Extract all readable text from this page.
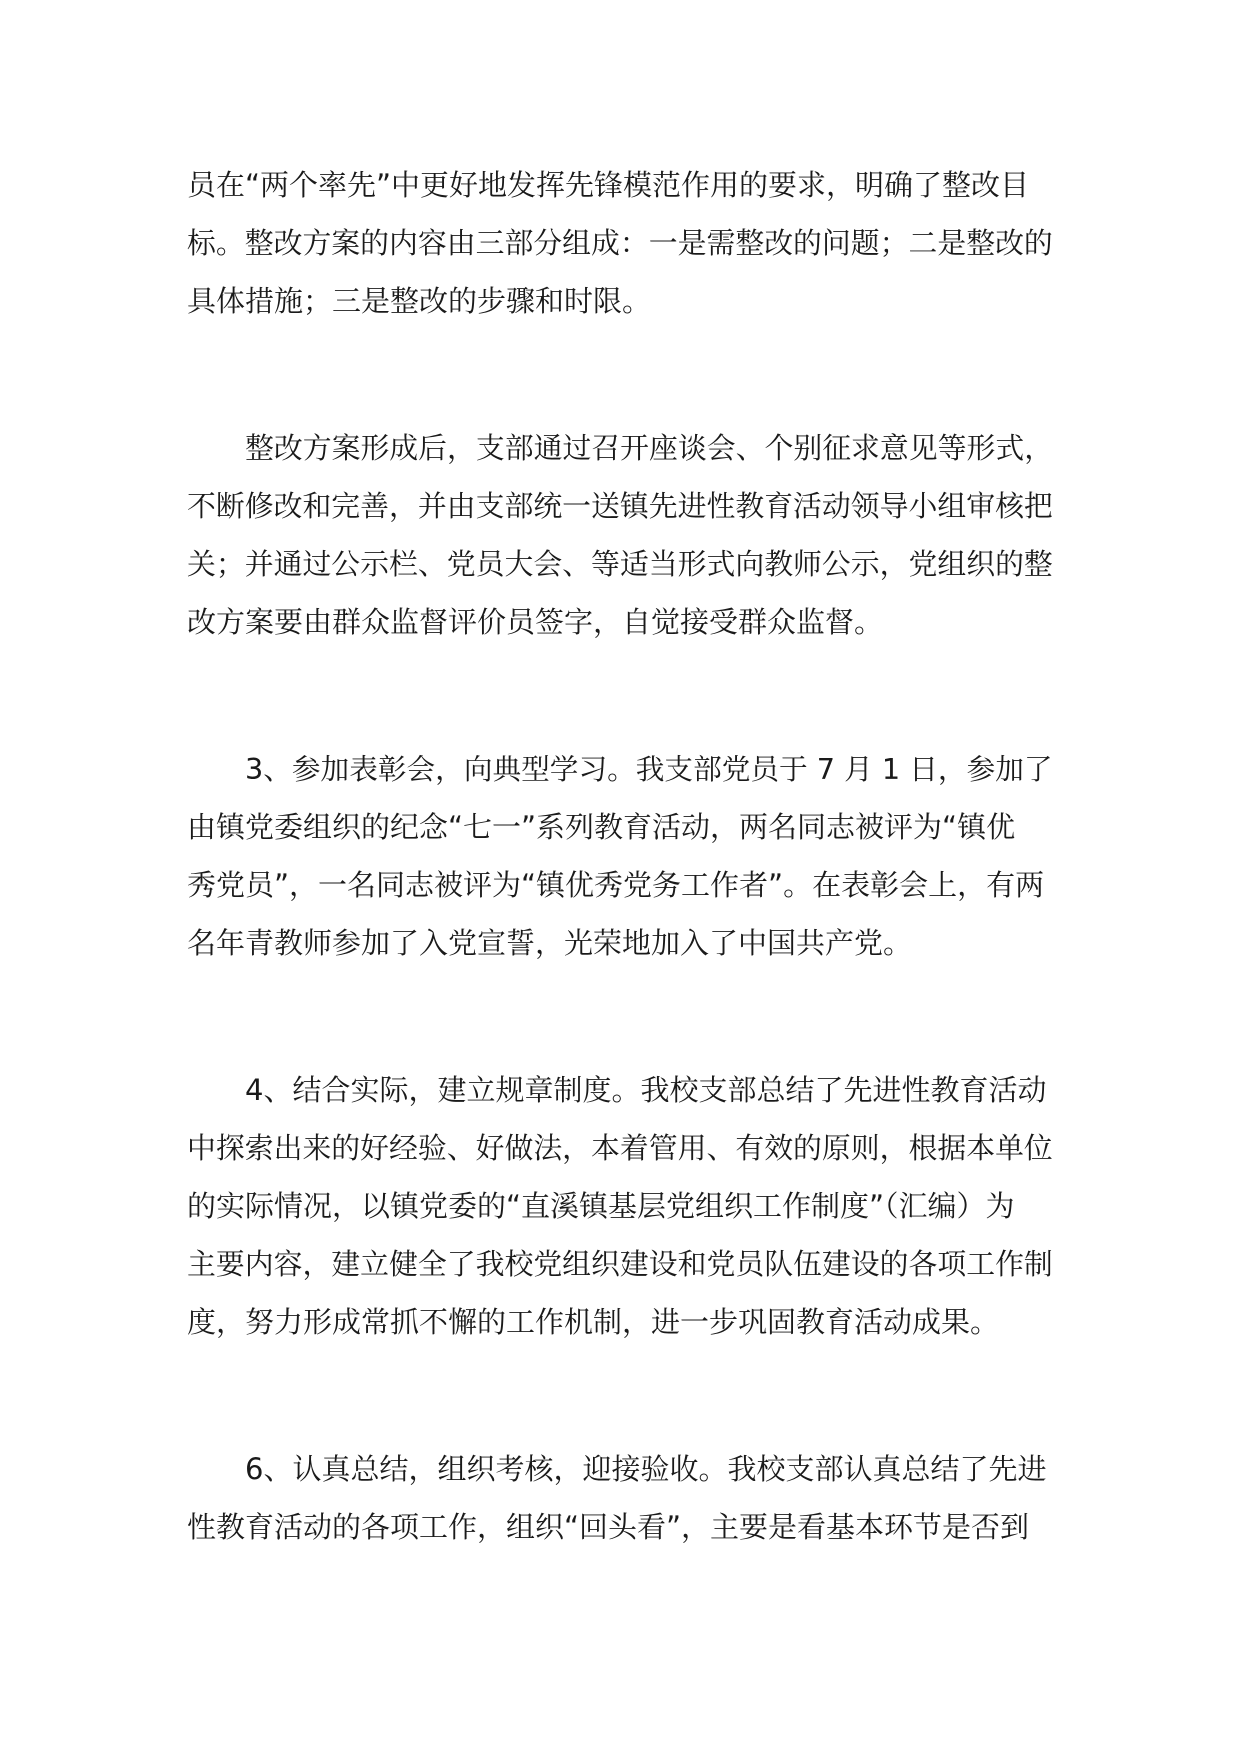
员在“两个率先”中更好地发挥先锋模范作用的要求，明确了整改目
标。整改方案的内容由三部分组成：一是需整改的问题；二是整改的
具体措施；三是整改的步骤和时限。
整改方案形成后，支部通过召开座谈会、个别征求意见等形式，
不断修改和完善，并由支部统一送镇先进性教育活动领导小组审核把
关；并通过公示栏、党员大会、等适当形式向教师公示，党组织的整
改方案要由群众监督评价员签字，自觉接受群众监督。
3、参加表彰会，向典型学习。我支部党员于 7 月 1 日，参加了
由镇党委组织的纪念“七一”系列教育活动，两名同志被评为“镇优
秀党员”，一名同志被评为“镇优秀党务工作者”。在表彰会上，有两
名年青教师参加了入党宣誓，光荣地加入了中国共产党。
4、结合实际，建立规章制度。我校支部总结了先进性教育活动
中探索出来的好经验、好做法，本着管用、有效的原则，根据本单位
的实际情况，以镇党委的“直溪镇基层党组织工作制度”（汇编）为
主要内容，建立健全了我校党组织建设和党员队伍建设的各项工作制
度，努力形成常抓不懈的工作机制，进一步巩固教育活动成果。
6、认真总结，组织考核，迎接验收。我校支部认真总结了先进
性教育活动的各项工作，组织“回头看”，主要是看基本环节是否到
